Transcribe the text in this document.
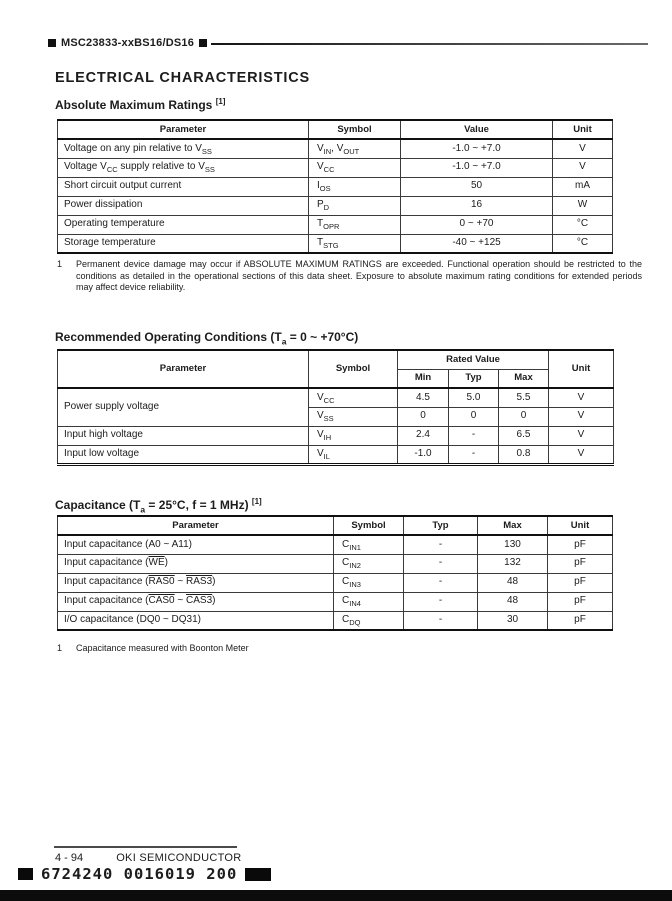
MSC23833-xxBS16/DS16
ELECTRICAL CHARACTERISTICS
Absolute Maximum Ratings [1]
Parameter	Symbol	Value	Unit
Voltage on any pin relative to $V_{SS}$	$V_{IN}$, $V_{OUT}$	-1.0 ~ +7.0	V
Voltage $V_{CC}$ supply relative to $V_{SS}$	$V_{CC}$	-1.0 ~ +7.0	V
Short circuit output current	$I_{OS}$	50	mA
Power dissipation	$P_D$	16	W
Operating temperature	$T_{OPR}$	0 ~ +70	°C
Storage temperature	$T_{STG}$	-40 ~ +125	°C
1	Permanent device damage may occur if ABSOLUTE MAXIMUM RATINGS are exceeded. Functional operation should be restricted to the conditions as detailed in the operational sections of this data sheet. Exposure to absolute maximum rating conditions for extended periods may affect device reliability.
Recommended Operating Conditions ($T_a = 0$ ~ +70°C)
Parameter	Symbol	Rated Value			Unit
		Min	Typ	Max	
Power supply voltage	$V_{CC}$	4.5	5.0	5.5	V
	$V_{SS}$	0	0	0	V
Input high voltage	$V_{IH}$	2.4	-	6.5	V
Input low voltage	$V_{IL}$	-1.0	-	0.8	V
Capacitance ($T_a = 25^\circ C$, f = 1 MHz) [1]
Parameter	Symbol	Typ	Max	Unit
Input capacitance (A0 ~ A11)	$C_{IN1}$	-	130	pF
Input capacitance $(\overline{WE})$	$C_{IN2}$	-	132	pF
Input capacitance (RAS0 ~ RAS3)	$C_{IN3}$	-	48	pF
Input capacitance (CAS0 ~ CAS3)	$C_{IN4}$	-	48	pF
I/O capacitance (DQ0 ~ DQ31)	$C_{DQ}$	-	30	pF
1	Capacitance measured with Boonton Meter
4 - 94	OKI SEMICONDUCTOR
6724240 0016019 200
